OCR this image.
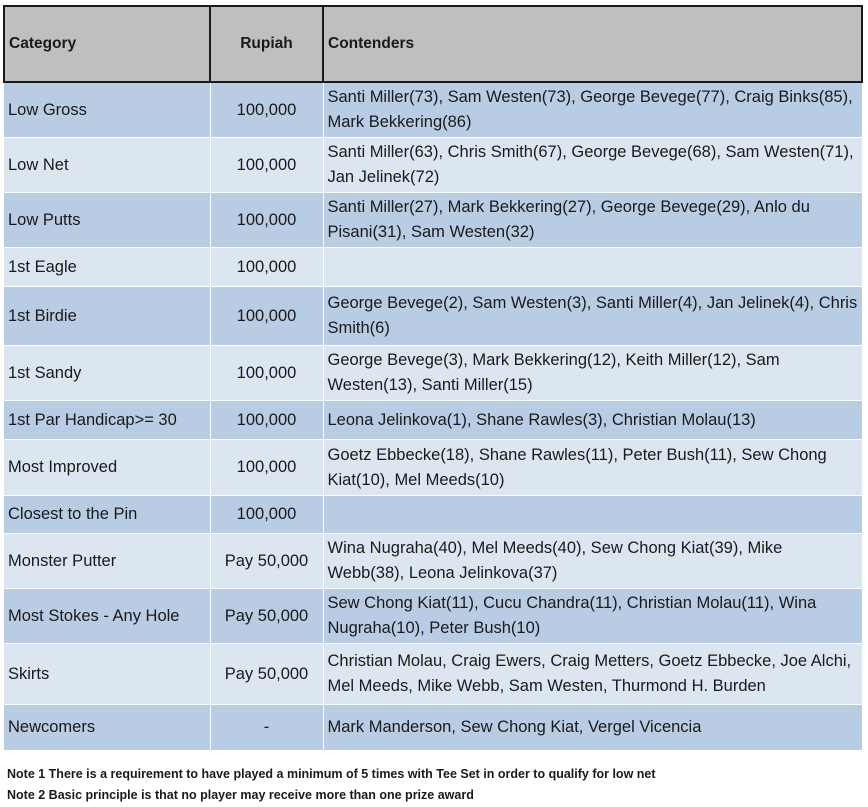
Category	Rupiah	Contenders
Low Gross	100,000	Santi Miller(73), Sam Westen(73), George Bevege(77), Craig Binks(85), Mark Bekkering(86)
Low Net	100,000	Santi Miller(63), Chris Smith(67), George Bevege(68), Sam Westen(71), Jan Jelinek(72)
Low Putts	100,000	Santi Miller(27), Mark Bekkering(27), George Bevege(29), Anlo du Pisani(31), Sam Westen(32)
1st Eagle	100,000	
1st Birdie	100,000	George Bevege(2), Sam Westen(3), Santi Miller(4), Jan Jelinek(4), Chris Smith(6)
1st Sandy	100,000	George Bevege(3), Mark Bekkering(12), Keith Miller(12), Sam Westen(13), Santi Miller(15)
1st Par Handicap>= 30	100,000	Leona Jelinkova(1), Shane Rawles(3), Christian Molau(13)
Most Improved	100,000	Goetz Ebbecke(18), Shane Rawles(11), Peter Bush(11), Sew Chong Kiat(10), Mel Meeds(10)
Closest to the Pin	100,000	
Monster Putter	Pay 50,000	Wina Nugraha(40), Mel Meeds(40), Sew Chong Kiat(39), Mike Webb(38), Leona Jelinkova(37)
Most Stokes - Any Hole	Pay 50,000	Sew Chong Kiat(11), Cucu Chandra(11), Christian Molau(11), Wina Nugraha(10), Peter Bush(10)
Skirts	Pay 50,000	Christian Molau, Craig Ewers, Craig Metters, Goetz Ebbecke, Joe Alchi, Mel Meeds, Mike Webb, Sam Westen, Thurmond H. Burden
Newcomers	-	Mark Manderson, Sew Chong Kiat, Vergel Vicencia
Note 1 There is a requirement to have played a minimum of 5 times with Tee Set in order to qualify for low net
Note 2 Basic principle is that no player may receive more than one prize award
